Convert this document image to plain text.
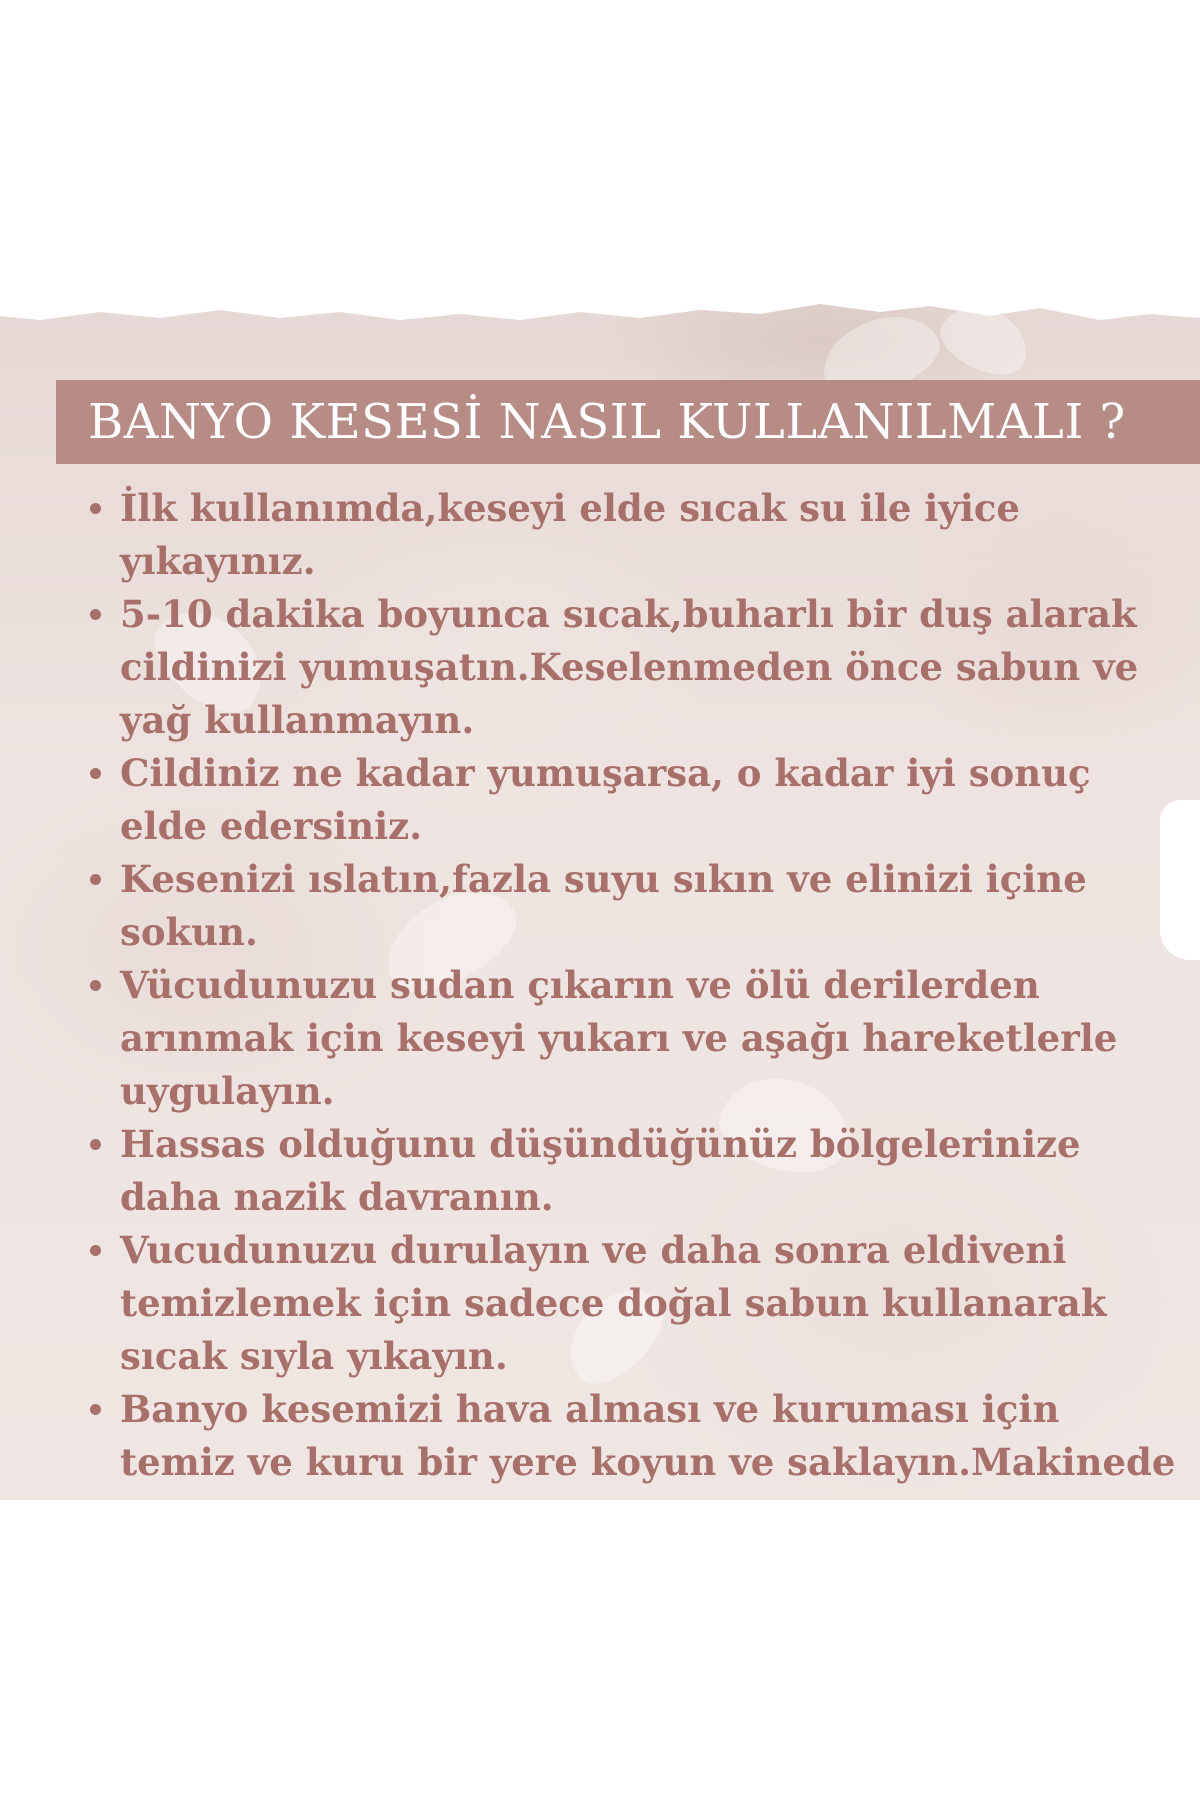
BANYO KESESİ NASIL KULLANILMALI ?
İlk kullanımda,keseyi elde sıcak su ile iyice yıkayınız.
5-10 dakika boyunca sıcak,buharlı bir duş alarak cildinizi yumuşatın.Keselenmeden önce sabun ve yağ kullanmayın.
Cildiniz ne kadar yumuşarsa, o kadar iyi sonuç elde edersiniz.
Kesenizi ıslatın,fazla suyu sıkın ve elinizi içine sokun.
Vücudunuzu sudan çıkarın ve ölü derilerden arınmak için keseyi yukarı ve aşağı hareketlerle uygulayın.
Hassas olduğunu düşündüğünüz bölgelerinize daha nazik davranın.
Vucudunuzu durulayın ve daha sonra eldiveni temizlemek için sadece doğal sabun kullanarak sıcak sıyla yıkayın.
Banyo kesemizi hava alması ve kuruması için temiz ve kuru bir yere koyun ve saklayın.Makinede
